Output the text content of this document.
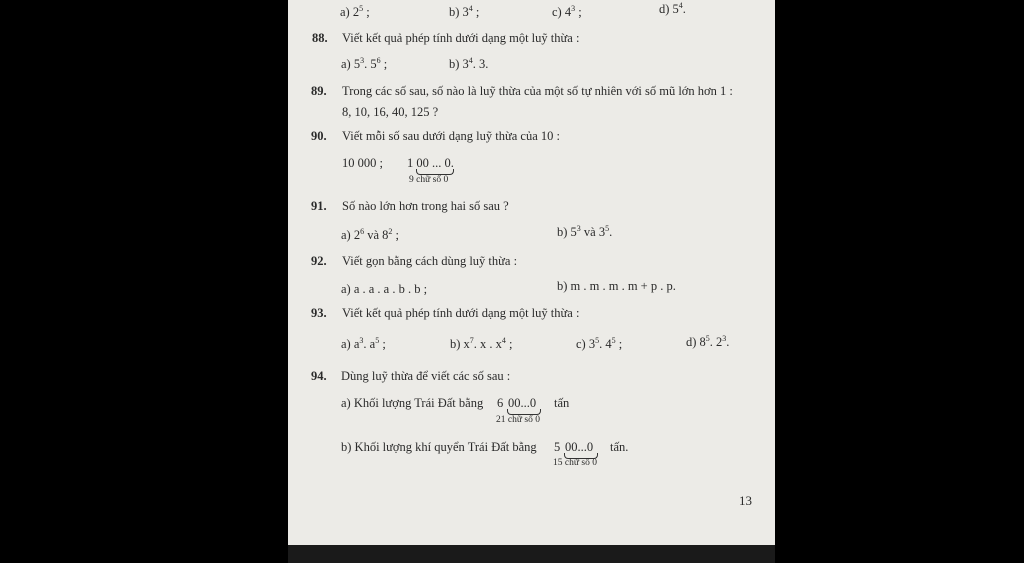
a) $2^5$ ;	b) $3^4$ ;	c) $4^3$ ;	d) $5^4$.
88. Viết kết quả phép tính dưới dạng một luỹ thừa :
a) $5^3$. $5^6$ ;	b) $3^4$. 3.
89. Trong các số sau, số nào là luỹ thừa của một số tự nhiên với số mũ lớn hơn 1 :
8, 10, 16, 40, 125 ?
90. Viết mỗi số sau dưới dạng luỹ thừa của 10 :
10 000 ; 1 00 ... 0.
9 chữ số 0
91. Số nào lớn hơn trong hai số sau ?
a) $2^6$ và $8^2$ ;	b) $5^3$ và $3^5$.
92. Viết gọn bằng cách dùng luỹ thừa :
a) a . a . a . b . b ;	b) m . m . m . m + p . p.
93. Viết kết quả phép tính dưới dạng một luỹ thừa :
a) $a^3$. $a^5$ ;	b) $x^7$. x . $x^4$ ;	c) $3^5$. $4^5$ ;	d) $8^5$. $2^3$.
94. Dùng luỹ thừa để viết các số sau :
a) Khối lượng Trái Đất bằng 6 00...0 tấn
21 chữ số 0
b) Khối lượng khí quyển Trái Đất bằng 5 00...0 tấn.
15 chữ số 0
13
